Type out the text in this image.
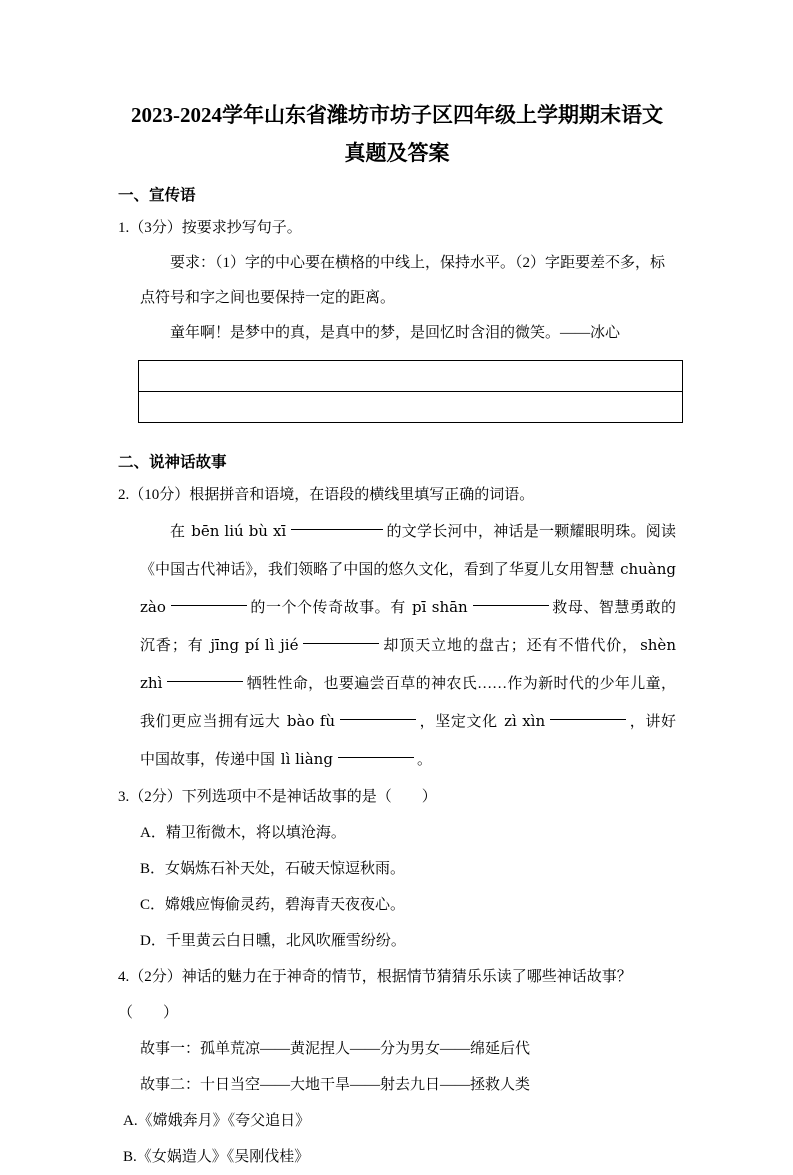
2023-2024学年山东省潍坊市坊子区四年级上学期期末语文
真题及答案
一、宣传语
1.（3分）按要求抄写句子。

要求：（1）字的中心要在横格的中线上，保持水平。（2）字距要差不多，标点符号和字之间也要保持一定的距离。

童年啊！是梦中的真，是真中的梦，是回忆时含泪的微笑。——冰心

二、说神话故事
2.（10分）根据拼音和语境，在语段的横线里填写正确的词语。

在 bēn liú bù xī	的文学长河中，神话是一颗耀眼明珠。阅读《中国古代神话》，我们领略了中国的悠久文化，看到了华夏儿女用智慧 chuàng zào	的一个个传奇故事。有 pī shān	救母、智慧勇敢的沉香；有 jīng pí lì jié	却顶天立地的盘古；还有不惜代价， shèn zhì	牺牲性命，也要遍尝百草的神农氏……作为新时代的少年儿童，我们更应当拥有远大 bào fù	，坚定文化 zì xìn	，讲好中国故事，传递中国 lì liàng	。

3.（2分）下列选项中不是神话故事的是（　　）
A．精卫衔微木，将以填沧海。
B．女娲炼石补天处，石破天惊逗秋雨。
C．嫦娥应悔偷灵药，碧海青天夜夜心。
D．千里黄云白日曛，北风吹雁雪纷纷。
4.（2分）神话的魅力在于神奇的情节，根据情节猜猜乐乐读了哪些神话故事？（　　）
故事一：孤单荒凉——黄泥捏人——分为男女——绵延后代
故事二：十日当空——大地干旱——射去九日——拯救人类
A.《嫦娥奔月》《夸父追日》
B.《女娲造人》《吴刚伐桂》
